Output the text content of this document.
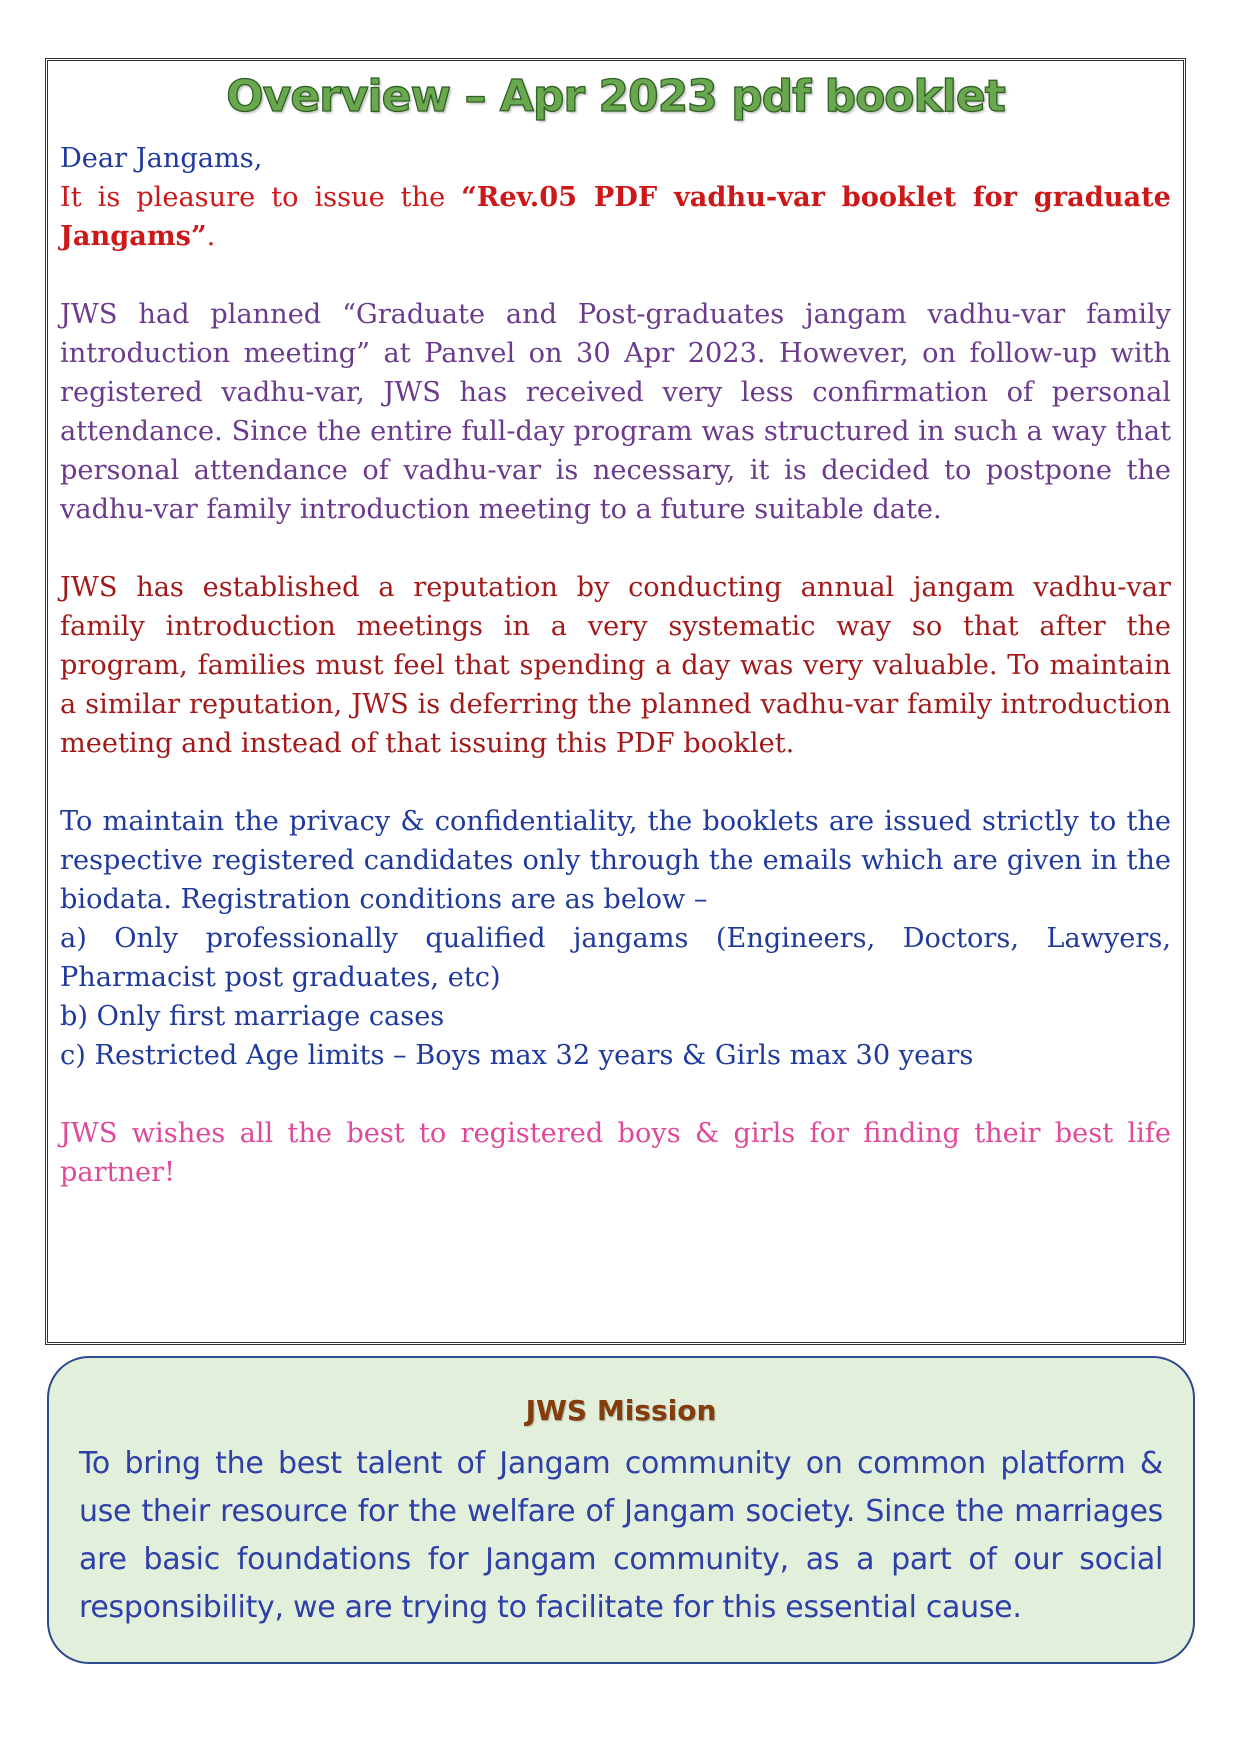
Overview – Apr 2023 pdf booklet

Dear Jangams,

It is pleasure to issue the “Rev.05 PDF vadhu-var booklet for graduate Jangams”.

JWS had planned “Graduate and Post-graduates jangam vadhu-var family introduction meeting” at Panvel on 30 Apr 2023. However, on follow-up with registered vadhu-var, JWS has received very less confirmation of personal attendance. Since the entire full-day program was structured in such a way that personal attendance of vadhu-var is necessary, it is decided to postpone the vadhu-var family introduction meeting to a future suitable date.

JWS has established a reputation by conducting annual jangam vadhu-var family introduction meetings in a very systematic way so that after the program, families must feel that spending a day was very valuable. To maintain a similar reputation, JWS is deferring the planned vadhu-var family introduction meeting and instead of that issuing this PDF booklet.

To maintain the privacy & confidentiality, the booklets are issued strictly to the respective registered candidates only through the emails which are given in the biodata. Registration conditions are as below –

a) Only professionally qualified jangams (Engineers, Doctors, Lawyers, Pharmacist post graduates, etc)

b) Only first marriage cases

c) Restricted Age limits – Boys max 32 years & Girls max 30 years

JWS wishes all the best to registered boys & girls for finding their best life partner!

JWS Mission
To bring the best talent of Jangam community on common platform & use their resource for the welfare of Jangam society. Since the marriages are basic foundations for Jangam community, as a part of our social responsibility, we are trying to facilitate for this essential cause.
